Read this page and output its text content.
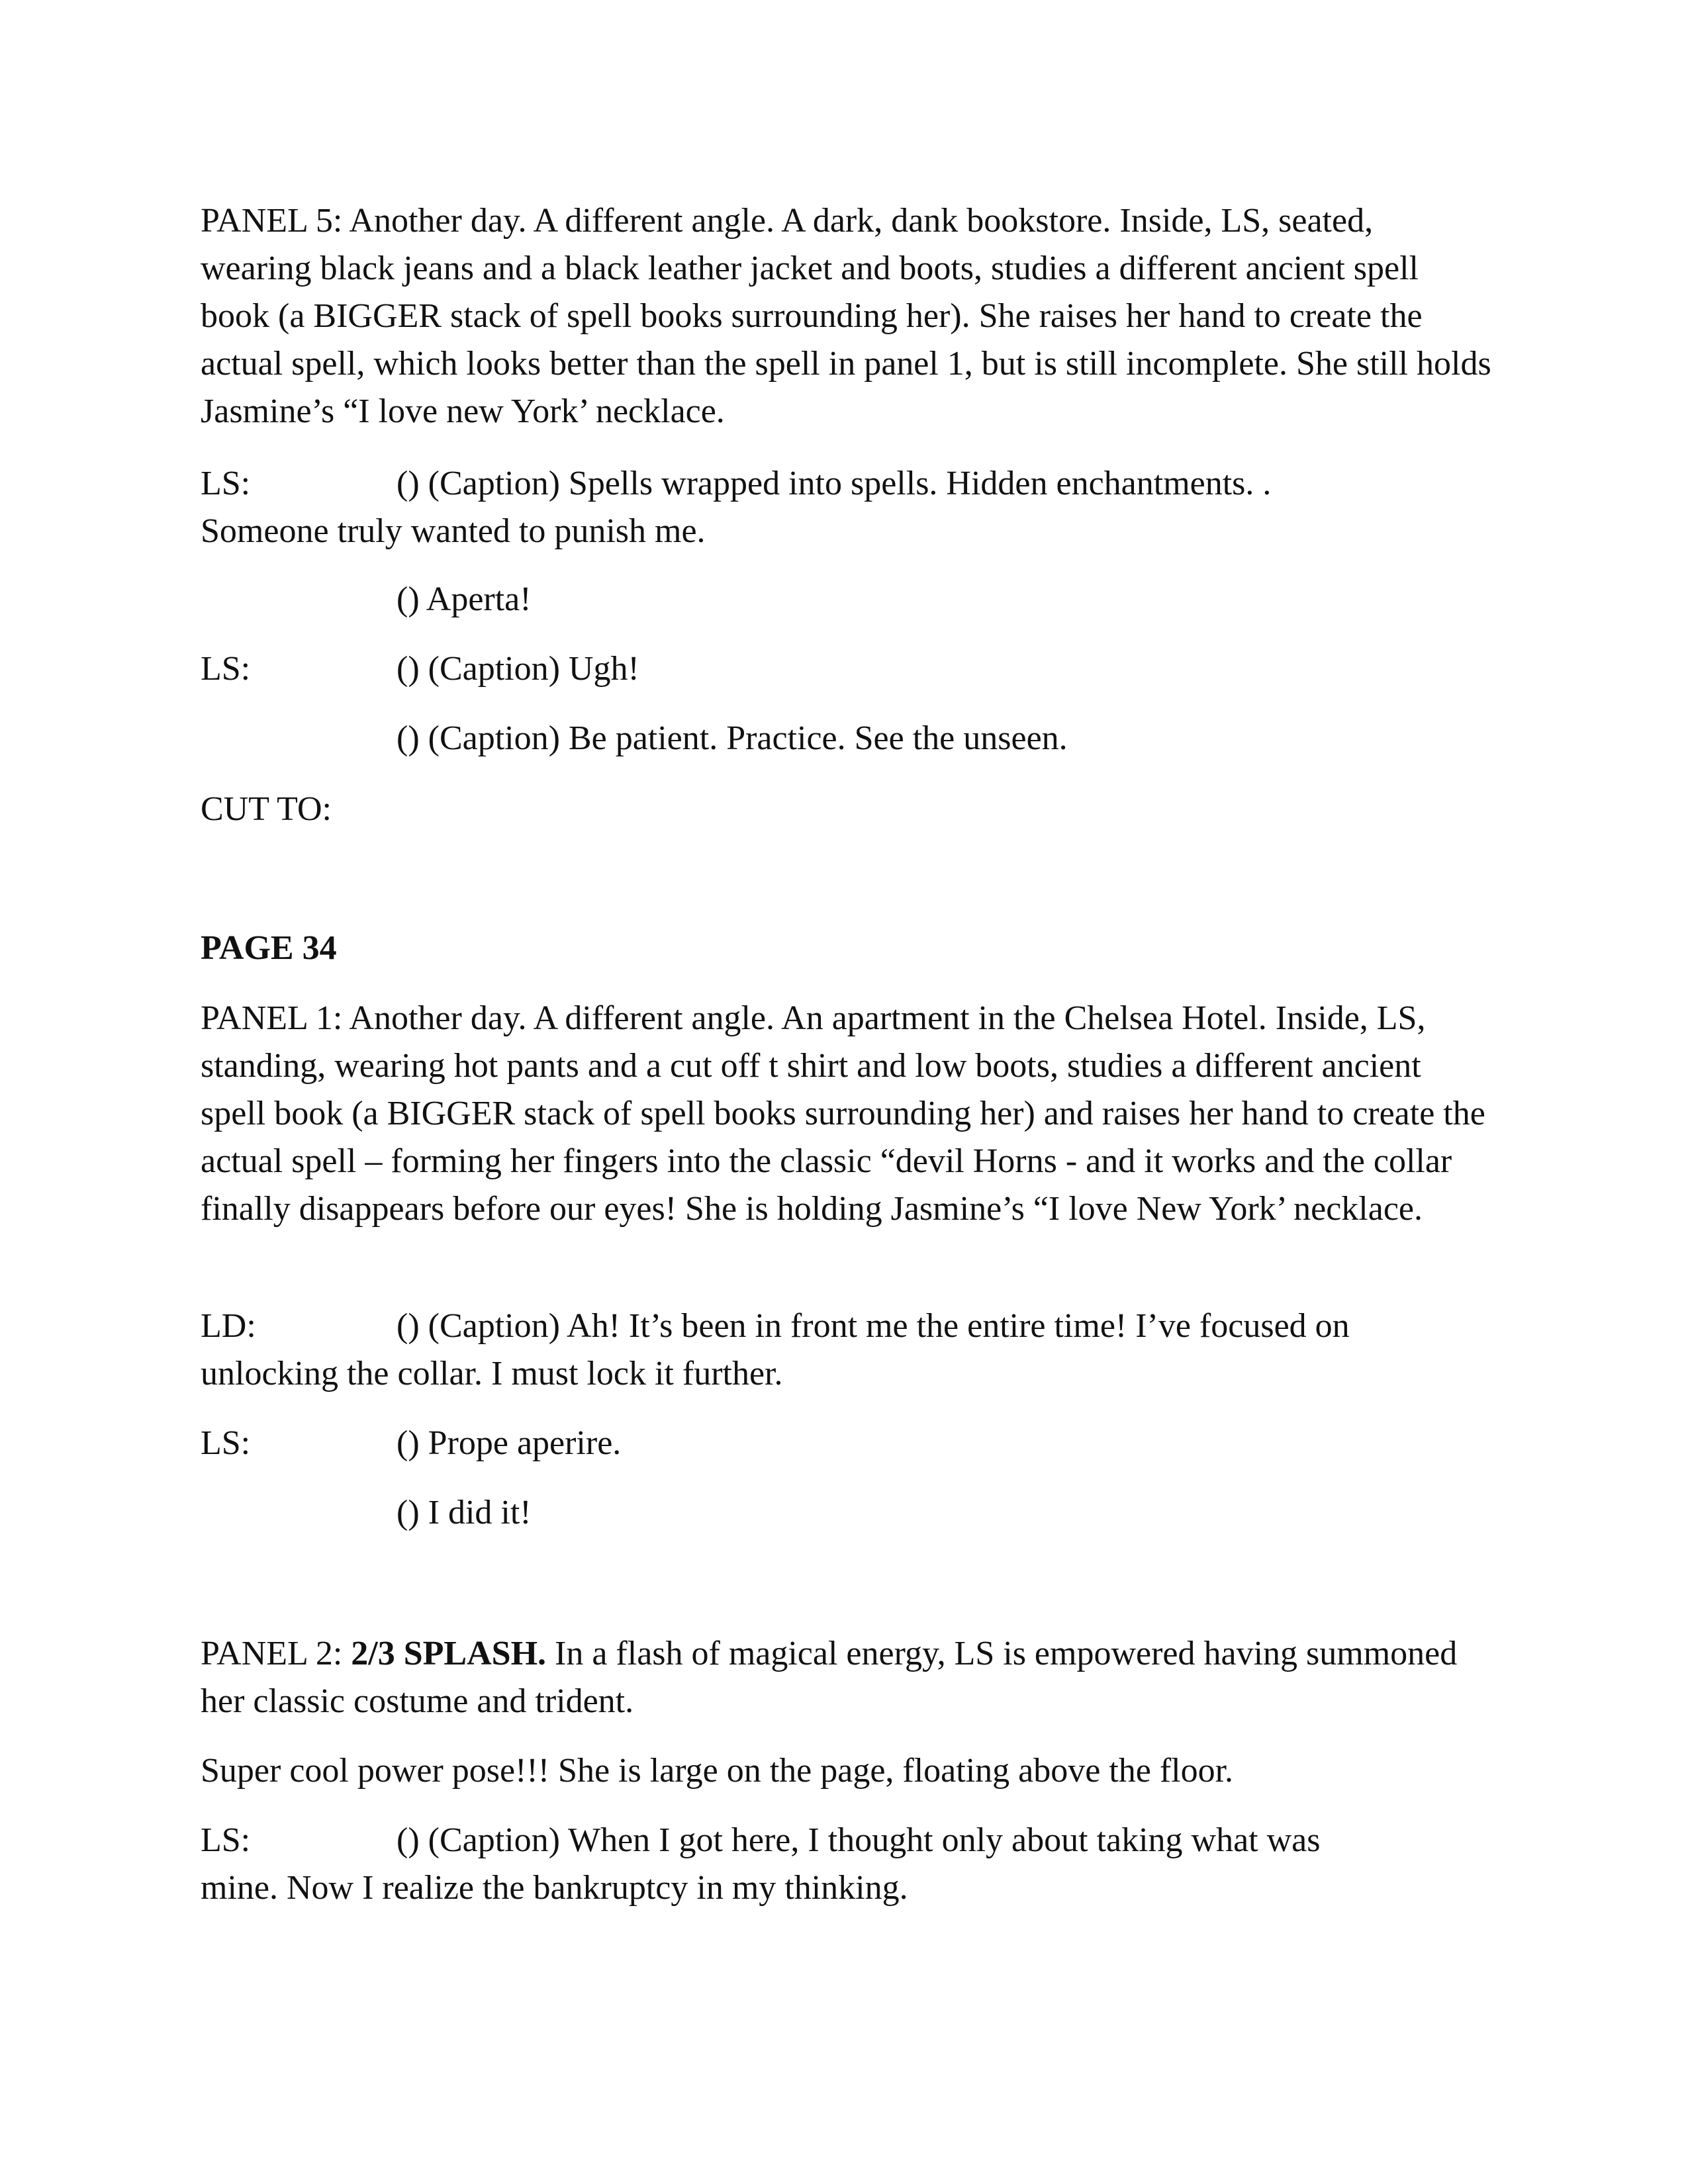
PANEL 5: Another day. A different angle. A dark, dank bookstore. Inside, LS, seated, wearing black jeans and a black leather jacket and boots, studies a different ancient spell book (a BIGGER stack of spell books surrounding her). She raises her hand to create the actual spell, which looks better than the spell in panel 1, but is still incomplete. She still holds Jasmine’s “I love new York’ necklace.

LS:	() (Caption) Spells wrapped into spells. Hidden enchantments. .
Someone truly wanted to punish me.

() Aperta!

LS:	() (Caption) Ugh!

() (Caption) Be patient. Practice. See the unseen.

CUT TO:

PAGE 34

PANEL 1: Another day. A different angle. An apartment in the Chelsea Hotel. Inside, LS, standing, wearing hot pants and a cut off t shirt and low boots, studies a different ancient spell book (a BIGGER stack of spell books surrounding her) and raises her hand to create the actual spell – forming her fingers into the classic “devil Horns - and it works and the collar finally disappears before our eyes! She is holding Jasmine’s “I love New York’ necklace.

LD:	() (Caption) Ah! It’s been in front me the entire time! I’ve focused on
unlocking the collar. I must lock it further.
LS:	() Prope aperire.

() I did it!

PANEL 2: 2/3 SPLASH. In a flash of magical energy, LS is empowered having summoned her classic costume and trident.

Super cool power pose!!! She is large on the page, floating above the floor.

LS:	() (Caption) When I got here, I thought only about taking what was
mine. Now I realize the bankruptcy in my thinking.
